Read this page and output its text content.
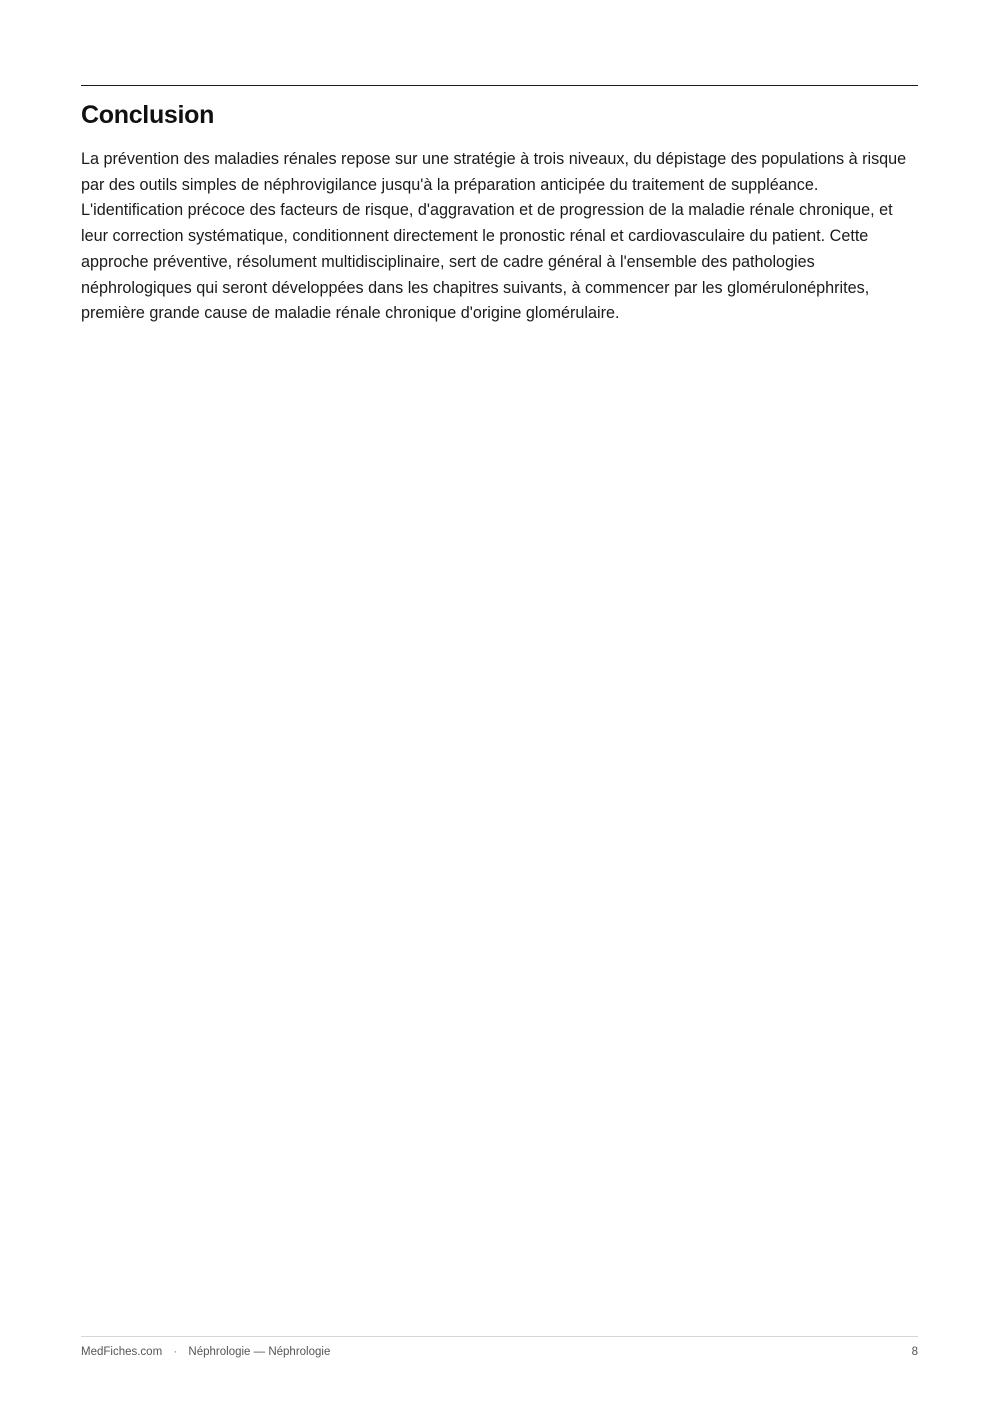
Conclusion

La prévention des maladies rénales repose sur une stratégie à trois niveaux, du dépistage des populations à risque par des outils simples de néphrovigilance jusqu'à la préparation anticipée du traitement de suppléance. L'identification précoce des facteurs de risque, d'aggravation et de progression de la maladie rénale chronique, et leur correction systématique, conditionnent directement le pronostic rénal et cardiovasculaire du patient. Cette approche préventive, résolument multidisciplinaire, sert de cadre général à l'ensemble des pathologies néphrologiques qui seront développées dans les chapitres suivants, à commencer par les glomérulonéphrites, première grande cause de maladie rénale chronique d'origine glomérulaire.

MedFiches.com · Néphrologie — Néphrologie	8
